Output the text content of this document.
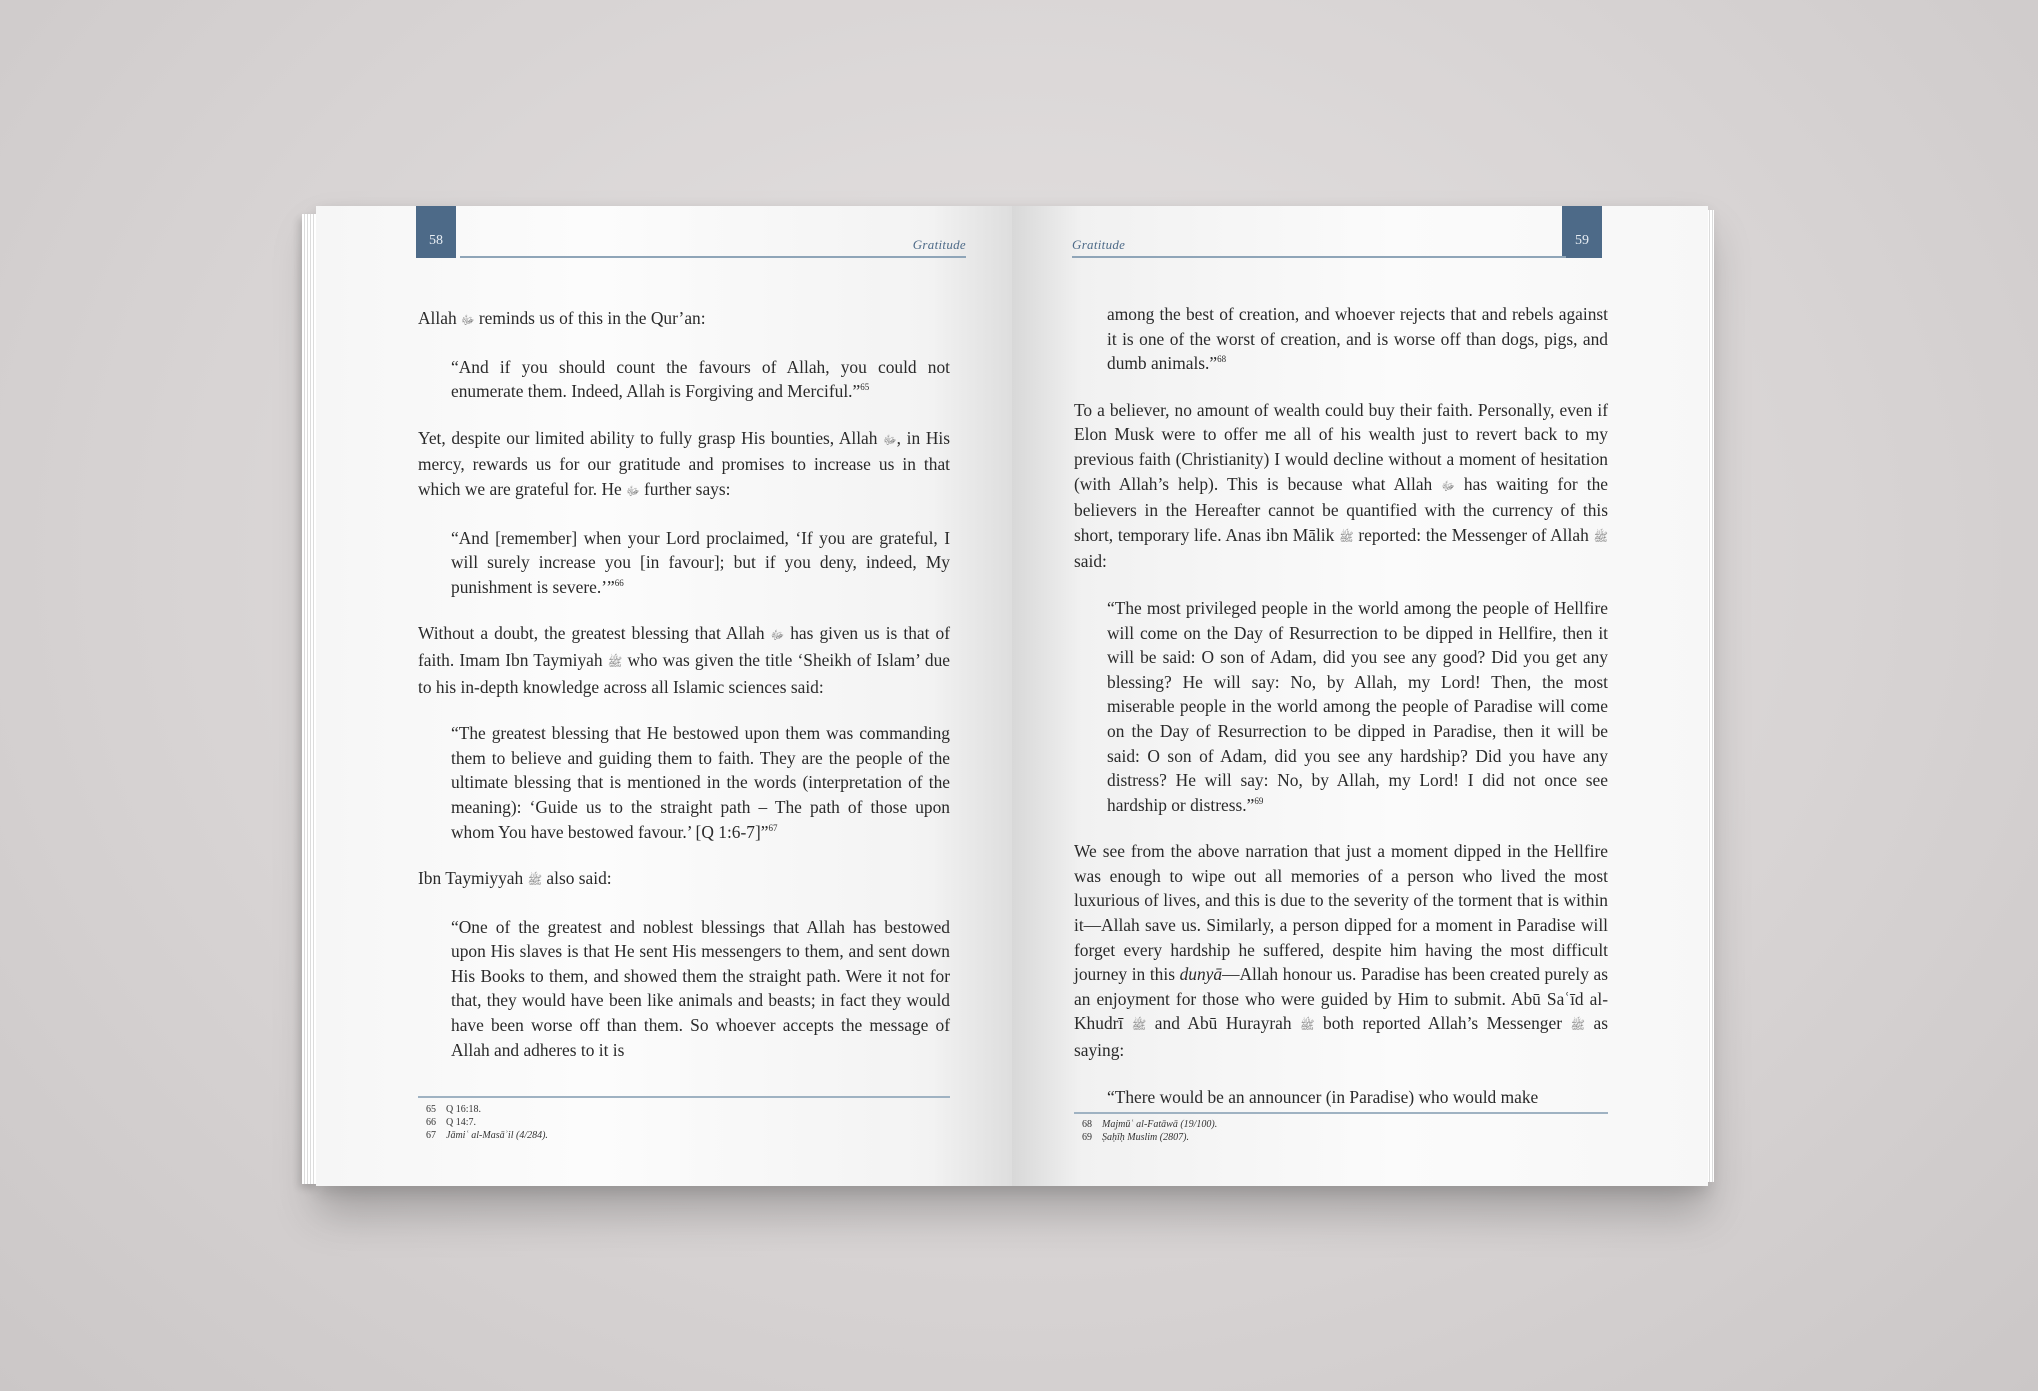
58	Gratitude

Allah ﷻ reminds us of this in the Qur’an:

“And if you should count the favours of Allah, you could not enumerate them. Indeed, Allah is Forgiving and Merciful.”$^{65}$

Yet, despite our limited ability to fully grasp His bounties, Allah ﷻ, in His mercy, rewards us for our gratitude and promises to increase us in that which we are grateful for. He ﷻ further says:

“And [remember] when your Lord proclaimed, ‘If you are grateful, I will surely increase you [in favour]; but if you deny, indeed, My punishment is severe.’”$^{66}$

Without a doubt, the greatest blessing that Allah ﷻ has given us is that of faith. Imam Ibn Taymiyah ﷺ who was given the title ‘Sheikh of Islam’ due to his in-depth knowledge across all Islamic sciences said:

“The greatest blessing that He bestowed upon them was commanding them to believe and guiding them to faith. They are the people of the ultimate blessing that is mentioned in the words (interpretation of the meaning): ‘Guide us to the straight path – The path of those upon whom You have bestowed favour.’ [Q 1:6-7]”$^{67}$

Ibn Taymiyyah ﷺ also said:

“One of the greatest and noblest blessings that Allah has bestowed upon His slaves is that He sent His messengers to them, and sent down His Books to them, and showed them the straight path. Were it not for that, they would have been like animals and beasts; in fact they would have been worse off than them. So whoever accepts the message of Allah and adheres to it is

65 Q 16:18.
66 Q 14:7.
67 Jāmiʿ al-Masāʾil (4/284).
59
Gratitude

among the best of creation, and whoever rejects that and rebels against it is one of the worst of creation, and is worse off than dogs, pigs, and dumb animals.”$^{68}$

To a believer, no amount of wealth could buy their faith. Personally, even if Elon Musk were to offer me all of his wealth just to revert back to my previous faith (Christianity) I would decline without a moment of hesitation (with Allah’s help). This is because what Allah ﷻ has waiting for the believers in the Hereafter cannot be quantified with the currency of this short, temporary life. Anas ibn Mālik ﷺ reported: the Messenger of Allah ﷺ said:

“The most privileged people in the world among the people of Hellfire will come on the Day of Resurrection to be dipped in Hellfire, then it will be said: O son of Adam, did you see any good? Did you get any blessing? He will say: No, by Allah, my Lord! Then, the most miserable people in the world among the people of Paradise will come on the Day of Resurrection to be dipped in Paradise, then it will be said: O son of Adam, did you see any hardship? Did you have any distress? He will say: No, by Allah, my Lord! I did not once see hardship or distress.”$^{69}$

We see from the above narration that just a moment dipped in the Hellfire was enough to wipe out all memories of a person who lived the most luxurious of lives, and this is due to the severity of the torment that is within it—Allah save us. Similarly, a person dipped for a moment in Paradise will forget every hardship he suffered, despite him having the most difficult journey in this dunyā—Allah honour us. Paradise has been created purely as an enjoyment for those who were guided by Him to submit. Abū Saʿīd al-Khudrī ﷺ and Abū Hurayrah ﷺ both reported Allah’s Messenger ﷺ as saying:

“There would be an announcer (in Paradise) who would make

68 Majmūʿ al-Fatāwā (19/100).
69 Ṣaḥīḥ Muslim (2807).
